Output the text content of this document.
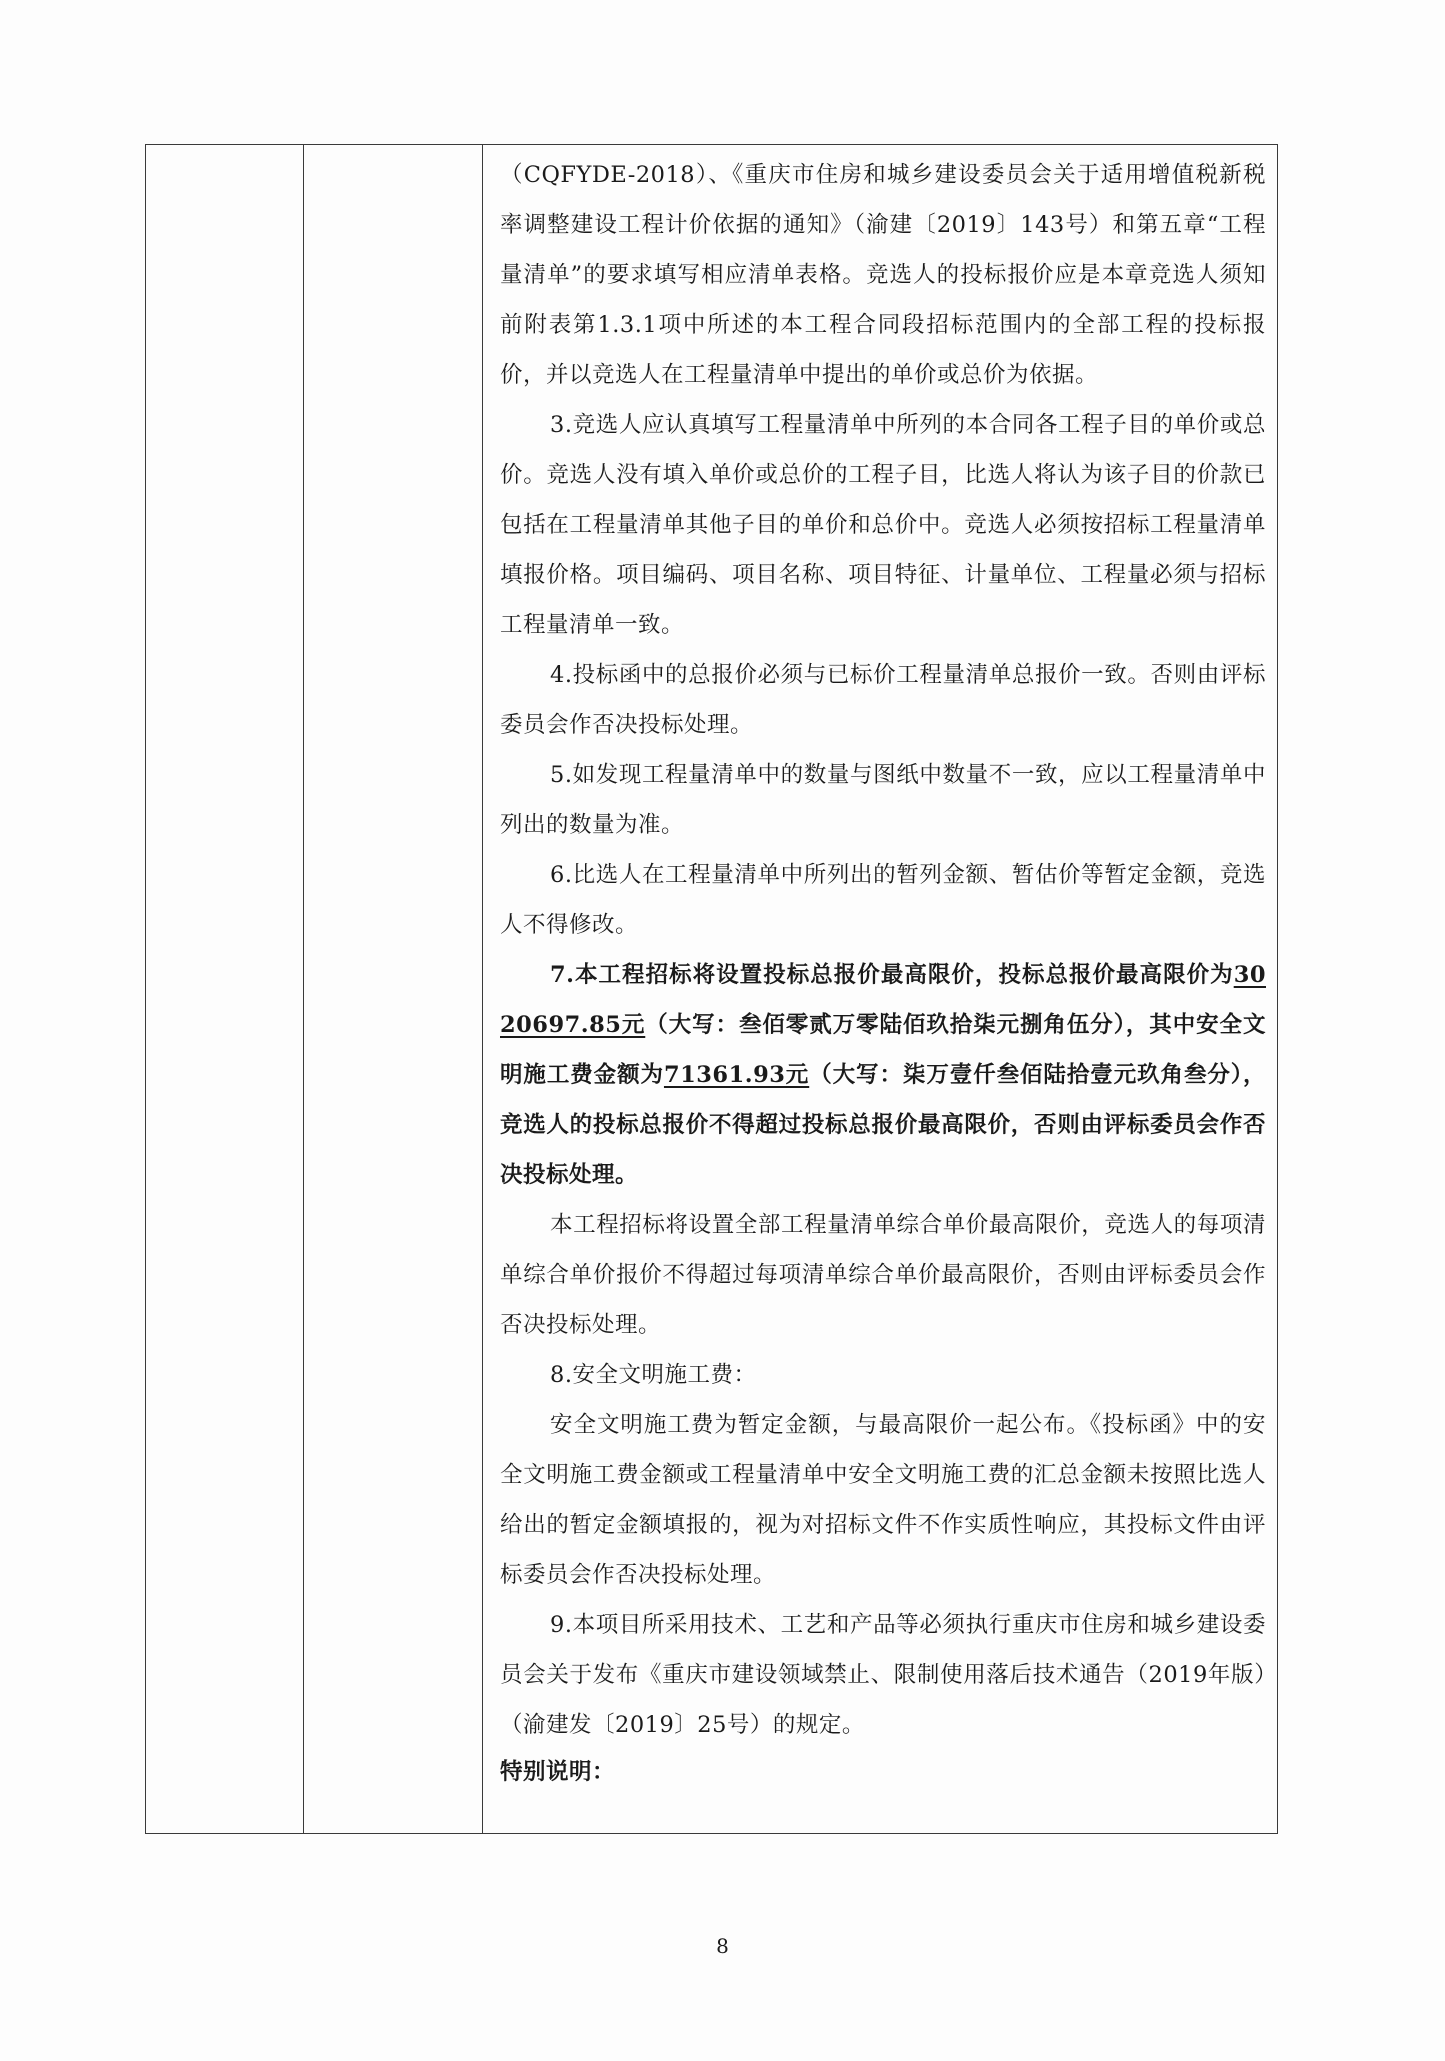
（CQFYDE-2018）、《重庆市住房和城乡建设委员会关于适用增值税新税率调整建设工程计价依据的通知》（渝建〔2019〕143号）和第五章“工程量清单”的要求填写相应清单表格。竞选人的投标报价应是本章竞选人须知前附表第1.3.1项中所述的本工程合同段招标范围内的全部工程的投标报价，并以竞选人在工程量清单中提出的单价或总价为依据。

3.竞选人应认真填写工程量清单中所列的本合同各工程子目的单价或总价。竞选人没有填入单价或总价的工程子目，比选人将认为该子目的价款已包括在工程量清单其他子目的单价和总价中。竞选人必须按招标工程量清单填报价格。项目编码、项目名称、项目特征、计量单位、工程量必须与招标工程量清单一致。

4.投标函中的总报价必须与已标价工程量清单总报价一致。否则由评标委员会作否决投标处理。

5.如发现工程量清单中的数量与图纸中数量不一致，应以工程量清单中列出的数量为准。

6.比选人在工程量清单中所列出的暂列金额、暂估价等暂定金额，竞选人不得修改。

7.本工程招标将设置投标总报价最高限价，投标总报价最高限价为3020697.85元（大写：叁佰零贰万零陆佰玖拾柒元捌角伍分），其中安全文明施工费金额为71361.93元（大写：柒万壹仟叁佰陆拾壹元玖角叁分），竞选人的投标总报价不得超过投标总报价最高限价，否则由评标委员会作否决投标处理。

本工程招标将设置全部工程量清单综合单价最高限价，竞选人的每项清单综合单价报价不得超过每项清单综合单价最高限价，否则由评标委员会作否决投标处理。

8.安全文明施工费：

安全文明施工费为暂定金额，与最高限价一起公布。《投标函》中的安全文明施工费金额或工程量清单中安全文明施工费的汇总金额未按照比选人给出的暂定金额填报的，视为对招标文件不作实质性响应，其投标文件由评标委员会作否决投标处理。

9.本项目所采用技术、工艺和产品等必须执行重庆市住房和城乡建设委员会关于发布《重庆市建设领域禁止、限制使用落后技术通告（2019年版）（渝建发〔2019〕25号）的规定。

特别说明：

8
